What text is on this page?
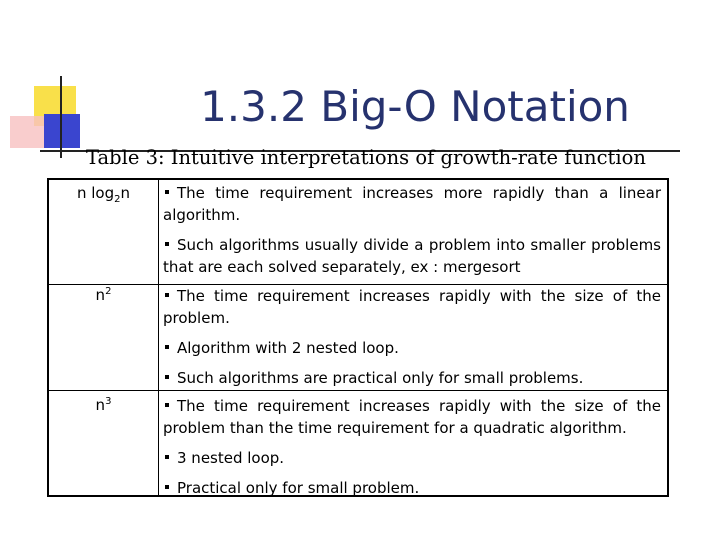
1.3.2 Big-O Notation
Table 3: Intuitive interpretations of growth-rate function
n $\log_2n$	The time requirement increases more rapidly than a linear algorithm.
Such algorithms usually divide a problem into smaller problems that are each solved separately, ex : mergesort
$n^2$	The time requirement increases rapidly with the size of the problem.
Algorithm with 2 nested loop.
Such algorithms are practical only for small problems.
$n^3$	The time requirement increases rapidly with the size of the problem than the time requirement for a quadratic algorithm.
3 nested loop.
Practical only for small problem.
